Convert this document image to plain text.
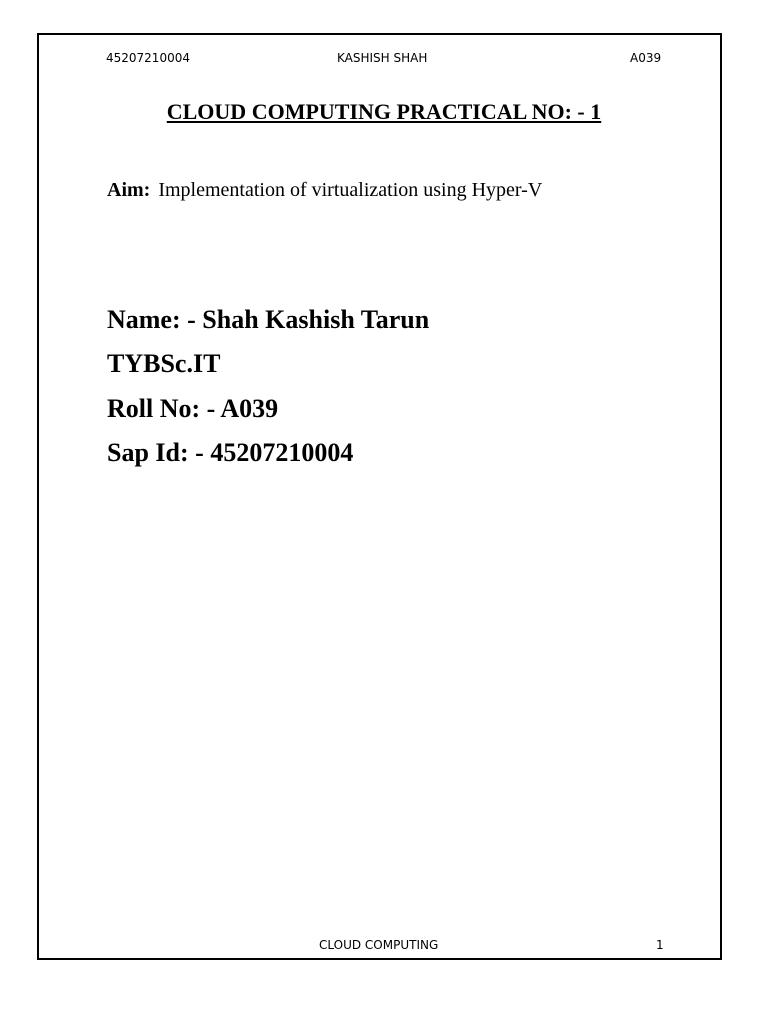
45207210004	KASHISH SHAH	A039
CLOUD COMPUTING PRACTICAL NO: - 1
Aim: Implementation of virtualization using Hyper-V
Name: - Shah Kashish Tarun
TYBSc.IT
Roll No: - A039
Sap Id: - 45207210004
CLOUD COMPUTING	1
